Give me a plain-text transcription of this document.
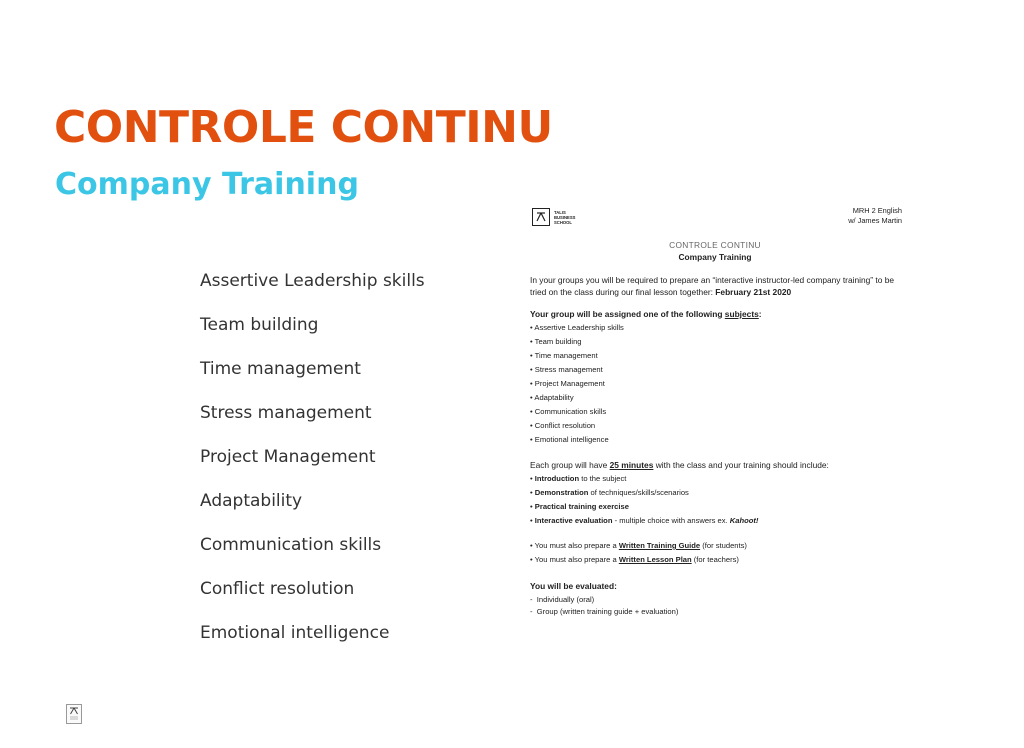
CONTROLE CONTINU
Company Training
Assertive Leadership skills
Team building
Time management
Stress management
Project Management
Adaptability
Communication skills
Conflict resolution
Emotional intelligence
TALIS BUSINESS SCHOOL
MRH 2 English
w/ James Martin
CONTROLE CONTINU
Company Training
In your groups you will be required to prepare an “interactive instructor-led company training” to be tried on the class during our final lesson together: February 21st 2020
Your group will be assigned one of the following subjects:
• Assertive Leadership skills
• Team building
• Time management
• Stress management
• Project Management
• Adaptability
• Communication skills
• Conflict resolution
• Emotional intelligence
Each group will have 25 minutes with the class and your training should include:
• Introduction to the subject
• Demonstration of techniques/skills/scenarios
• Practical training exercise
• Interactive evaluation - multiple choice with answers ex. Kahoot!
• You must also prepare a Written Training Guide (for students)
• You must also prepare a Written Lesson Plan (for teachers)
You will be evaluated:
- Individually (oral)
- Group (written training guide + evaluation)
